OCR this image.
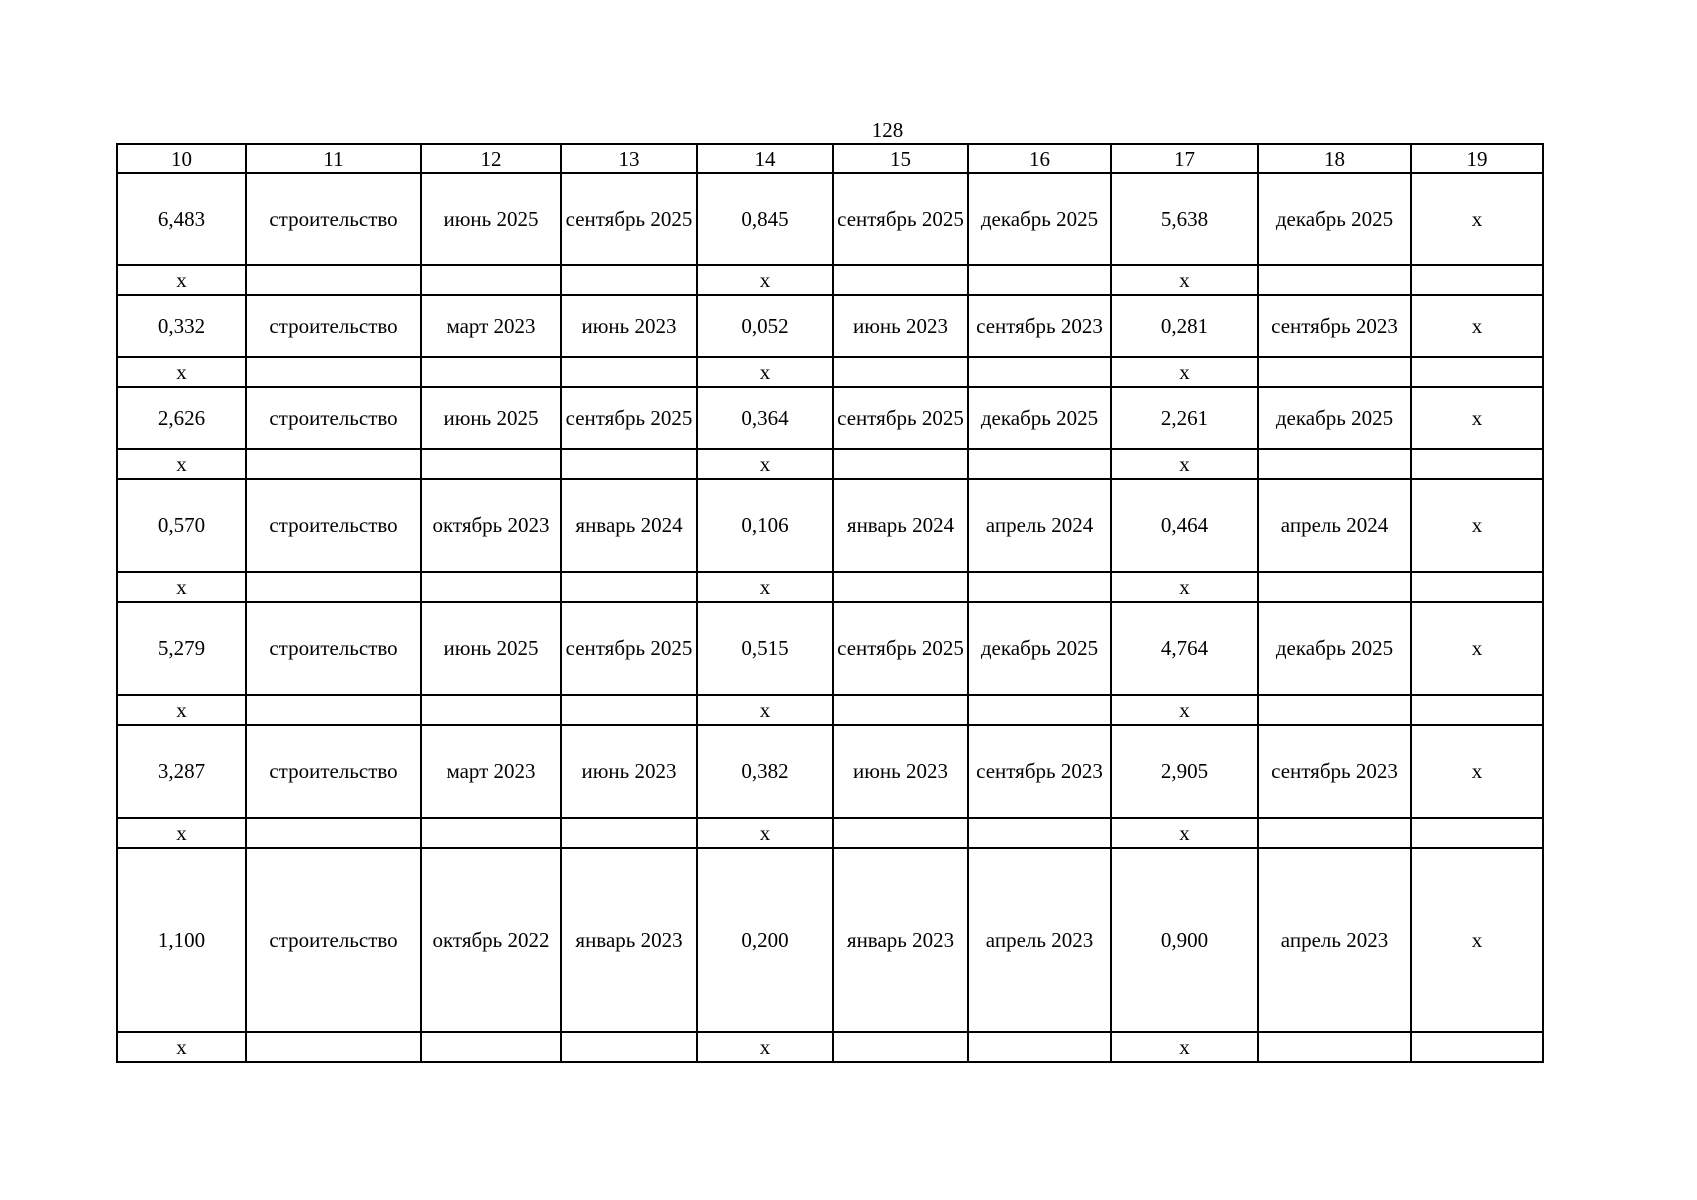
128
10	11	12	13	14	15	16	17	18	19
6,483	строительство	июнь 2025	сентябрь 2025	0,845	сентябрь 2025	декабрь 2025	5,638	декабрь 2025	х
х				х			х		
0,332	строительство	март 2023	июнь 2023	0,052	июнь 2023	сентябрь 2023	0,281	сентябрь 2023	х
х				х			х		
2,626	строительство	июнь 2025	сентябрь 2025	0,364	сентябрь 2025	декабрь 2025	2,261	декабрь 2025	х
х				х			х		
0,570	строительство	октябрь 2023	январь 2024	0,106	январь 2024	апрель 2024	0,464	апрель 2024	х
х				х			х		
5,279	строительство	июнь 2025	сентябрь 2025	0,515	сентябрь 2025	декабрь 2025	4,764	декабрь 2025	х
х				х			х		
3,287	строительство	март 2023	июнь 2023	0,382	июнь 2023	сентябрь 2023	2,905	сентябрь 2023	х
х				х			х		
1,100	строительство	октябрь 2022	январь 2023	0,200	январь 2023	апрель 2023	0,900	апрель 2023	х
х				х			х		
